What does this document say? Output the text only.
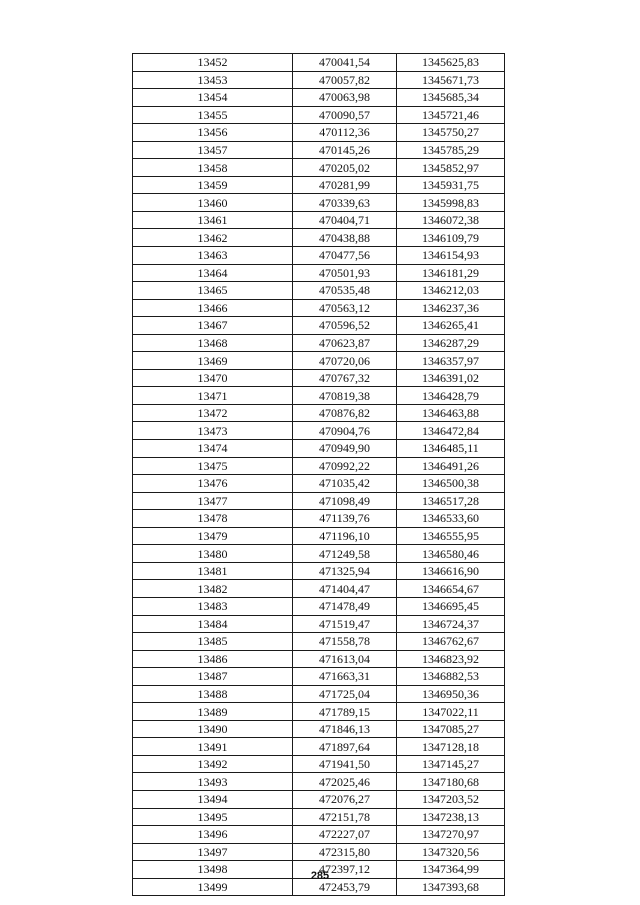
13452	470041,54	1345625,83
13453	470057,82	1345671,73
13454	470063,98	1345685,34
13455	470090,57	1345721,46
13456	470112,36	1345750,27
13457	470145,26	1345785,29
13458	470205,02	1345852,97
13459	470281,99	1345931,75
13460	470339,63	1345998,83
13461	470404,71	1346072,38
13462	470438,88	1346109,79
13463	470477,56	1346154,93
13464	470501,93	1346181,29
13465	470535,48	1346212,03
13466	470563,12	1346237,36
13467	470596,52	1346265,41
13468	470623,87	1346287,29
13469	470720,06	1346357,97
13470	470767,32	1346391,02
13471	470819,38	1346428,79
13472	470876,82	1346463,88
13473	470904,76	1346472,84
13474	470949,90	1346485,11
13475	470992,22	1346491,26
13476	471035,42	1346500,38
13477	471098,49	1346517,28
13478	471139,76	1346533,60
13479	471196,10	1346555,95
13480	471249,58	1346580,46
13481	471325,94	1346616,90
13482	471404,47	1346654,67
13483	471478,49	1346695,45
13484	471519,47	1346724,37
13485	471558,78	1346762,67
13486	471613,04	1346823,92
13487	471663,31	1346882,53
13488	471725,04	1346950,36
13489	471789,15	1347022,11
13490	471846,13	1347085,27
13491	471897,64	1347128,18
13492	471941,50	1347145,27
13493	472025,46	1347180,68
13494	472076,27	1347203,52
13495	472151,78	1347238,13
13496	472227,07	1347270,97
13497	472315,80	1347320,56
13498	472397,12	1347364,99
13499	472453,79	1347393,68
285
